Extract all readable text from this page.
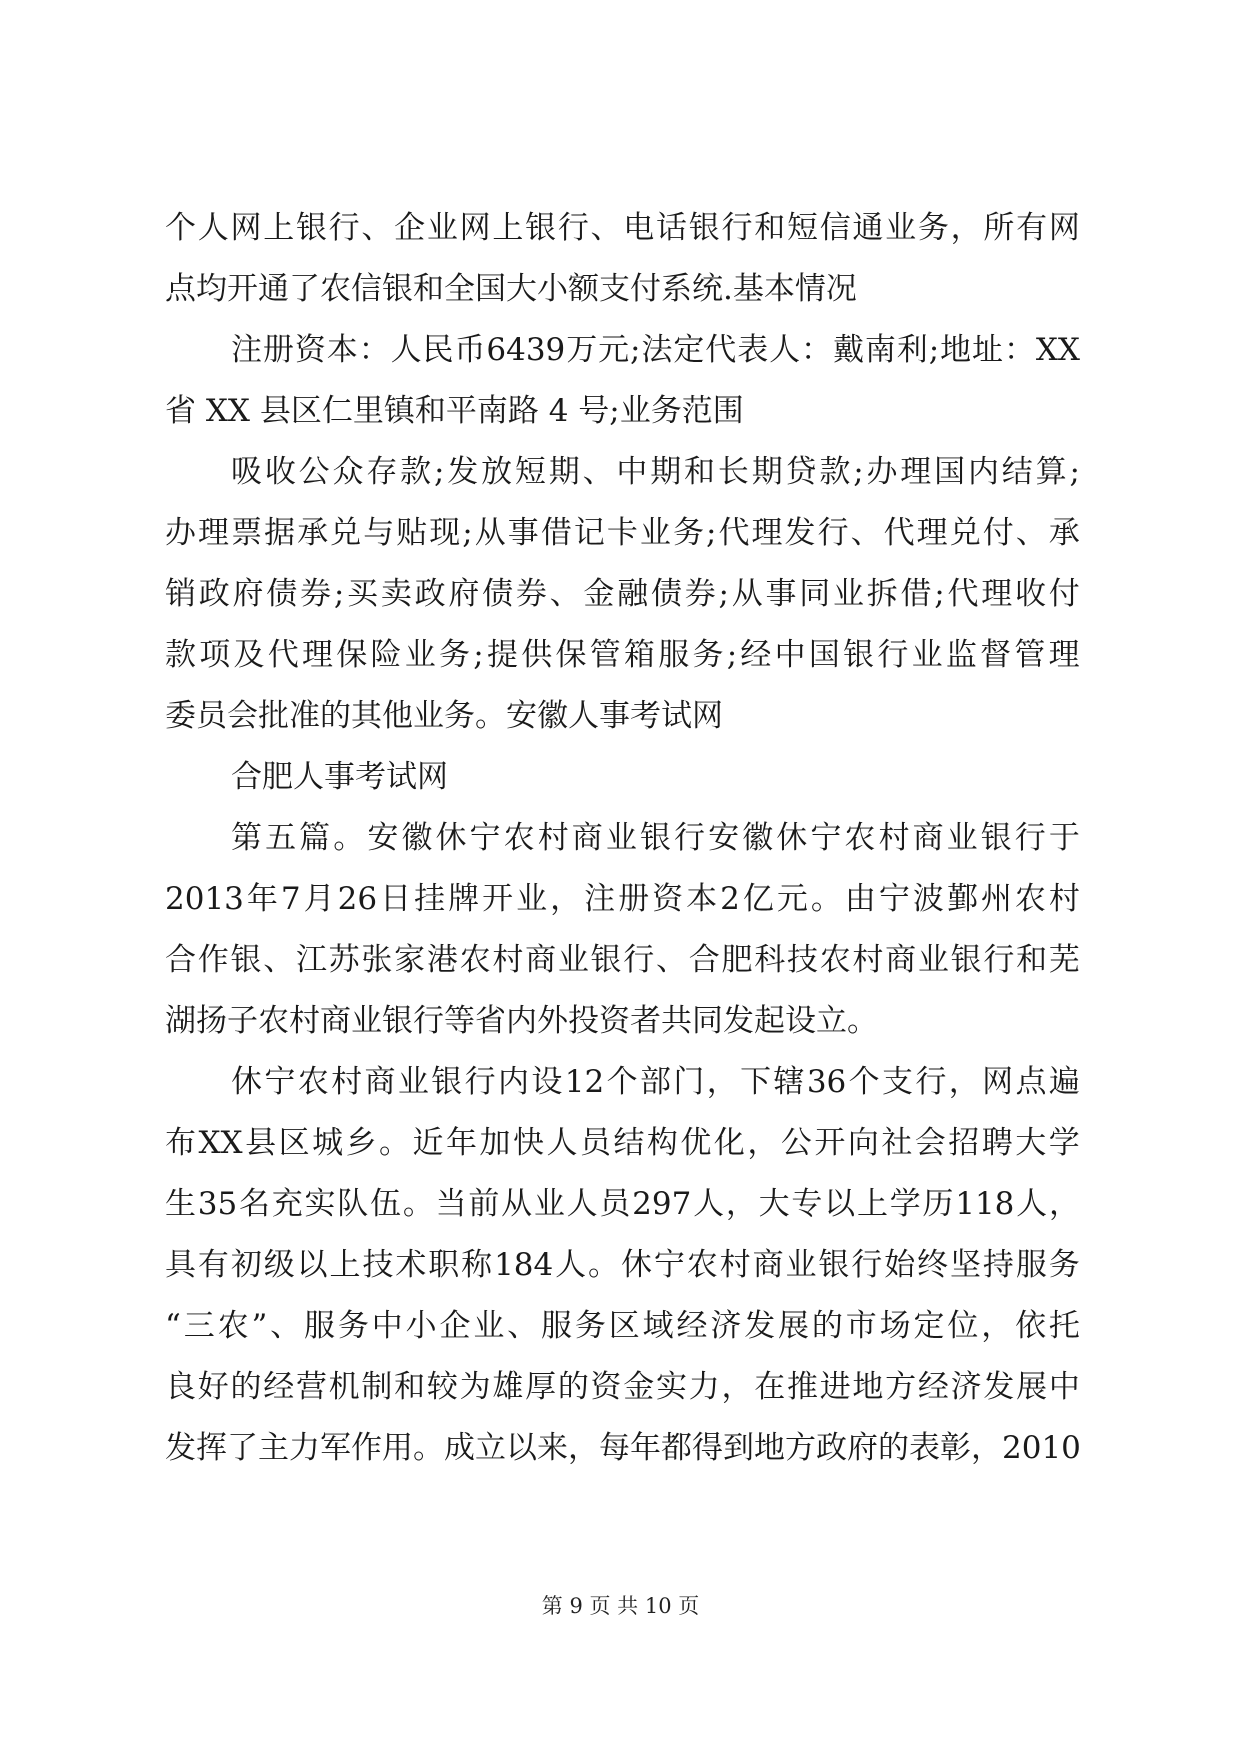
个 人 网 上 银 行 、 企 业 网 上 银 行 、 电 话 银 行 和 短 信 通 业 务 ， 所 有 网
点均开通了农信银和全国大小额支付系统.基本情况
注 册 资 本 ： 人 民 币 6439 万 元 ; 法 定 代 表 人 ： 戴 南 利 ; 地 址 ： XX
省 XX 县区仁里镇和平南路 4 号;业务范围
吸 收 公 众 存 款 ; 发 放 短 期 、 中 期 和 长 期 贷 款 ; 办 理 国 内 结 算 ;
办 理 票 据 承 兑 与 贴 现 ; 从 事 借 记 卡 业 务 ; 代 理 发 行 、 代 理 兑 付 、 承
销 政 府 债 券 ; 买 卖 政 府 债 券 、 金 融 债 券 ; 从 事 同 业 拆 借 ; 代 理 收 付
款 项 及 代 理 保 险 业 务 ; 提 供 保 管 箱 服 务 ; 经 中 国 银 行 业 监 督 管 理
委员会批准的其他业务。安徽人事考试网
合肥人事考试网
第 五 篇 。 安 徽 休 宁 农 村 商 业 银 行 安 徽 休 宁 农 村 商 业 银 行 于
2013 年 7 月 26 日 挂 牌 开 业 ， 注 册 资 本 2 亿 元 。 由 宁 波 鄞 州 农 村
合 作 银 、 江 苏 张 家 港 农 村 商 业 银 行 、 合 肥 科 技 农 村 商 业 银 行 和 芜
湖扬子农村商业银行等省内外投资者共同发起设立。
休 宁 农 村 商 业 银 行 内 设 12 个 部 门 ， 下 辖 36 个 支 行 ， 网 点 遍
布 XX 县 区 城 乡 。 近 年 加 快 人 员 结 构 优 化 ， 公 开 向 社 会 招 聘 大 学
生 35 名 充 实 队 伍 。 当 前 从 业 人 员 297 人 ， 大 专 以 上 学 历 118 人 ，
具 有 初 级 以 上 技 术 职 称 184 人 。 休 宁 农 村 商 业 银 行 始 终 坚 持 服 务
“ 三 农 ” 、 服 务 中 小 企 业 、 服 务 区 域 经 济 发 展 的 市 场 定 位 ， 依 托
良 好 的 经 营 机 制 和 较 为 雄 厚 的 资 金 实 力 ， 在 推 进 地 方 经 济 发 展 中
发 挥 了 主 力 军 作 用 。 成 立 以 来 ， 每 年 都 得 到 地 方 政 府 的 表 彰 ， 2010
第 9 页 共 10 页
